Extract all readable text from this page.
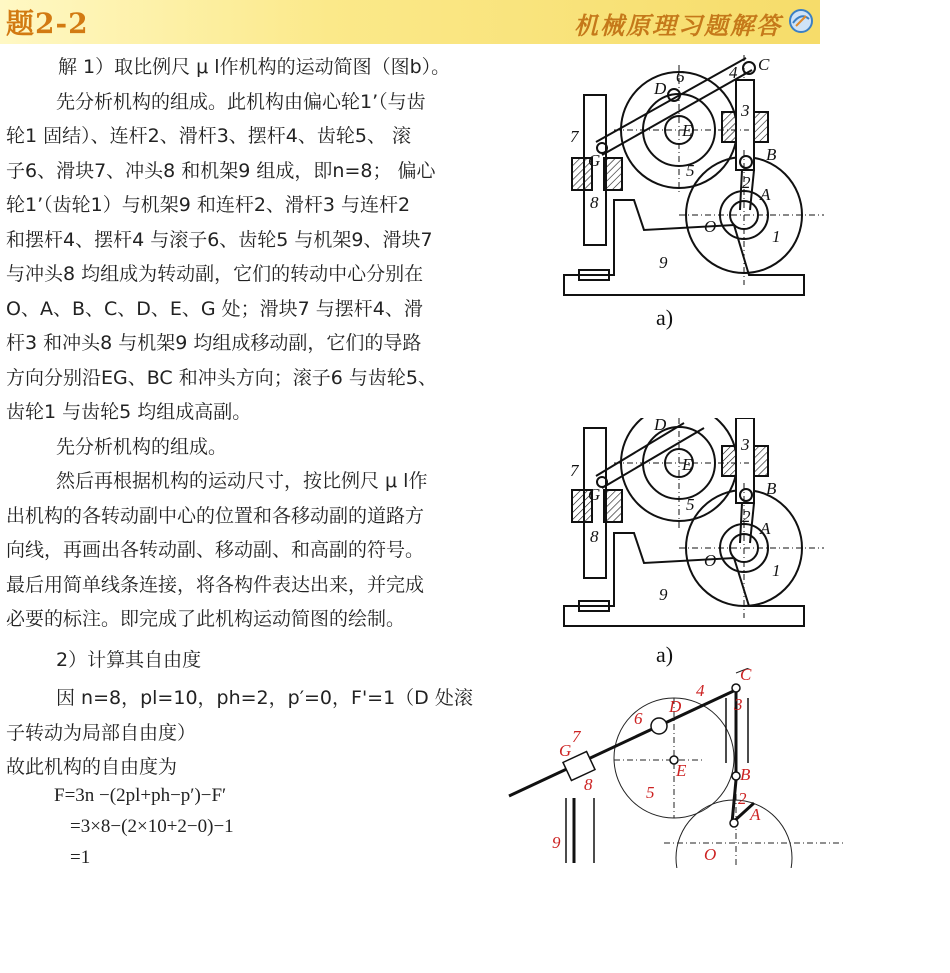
题2-2	机械原理习题解答

解 1）取比例尺 μ l作机构的运动简图（图b）。

先分析机构的组成。此机构由偏心轮1’（与齿

轮1 固结）、连杆2、滑杆3、摆杆4、齿轮5、 滚

子6、滑块7、冲头8 和机架9 组成，即n=8； 偏心

轮1’（齿轮1）与机架9 和连杆2、滑杆3 与连杆2

和摆杆4、摆杆4 与滚子6、齿轮5 与机架9、滑块7

与冲头8 均组成为转动副，它们的转动中心分别在

O、A、B、C、D、E、G 处；滑块7 与摆杆4、滑

杆3 和冲头8 与机架9 均组成移动副，它们的导路

方向分别沿EG、BC 和冲头方向；滚子6 与齿轮5、

齿轮1 与齿轮5 均组成高副。

先分析机构的组成。

然后再根据机构的运动尺寸，按比例尺 μ l作

出机构的各转动副中心的位置和各移动副的道路方

向线，再画出各转动副、移动副、和高副的符号。

最后用简单线条连接，将各构件表达出来，并完成

必要的标注。即完成了此机构运动简图的绘制。

2）计算其自由度

因 n=8，pl=10，ph=2，p′=0，F'=1（D 处滚

子转动为局部自由度）

故此机构的自由度为

F=3n −(2pl+ph−p′)−F′
=3×8−(2×10+2−0)−1
=1
D
6	4 C
7	E
3
G	B
5
2
A
8
O
1
9
a)
D
7	E
3
G	B
5
2
A
8
O
1
9
a)
C
4
6
D	3
7
G
E	B
8	5	2
A
9
O
